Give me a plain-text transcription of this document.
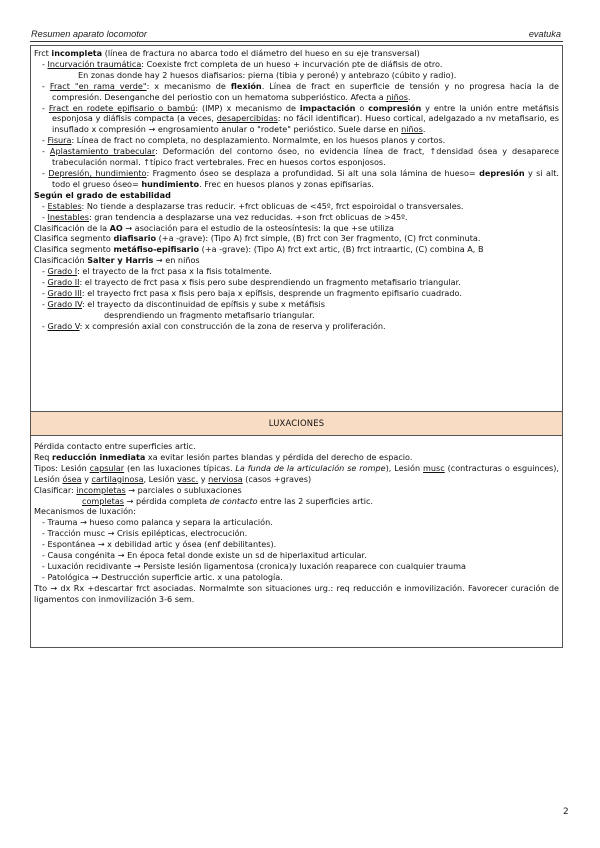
Resumen aparato locomotor	evatuka

Frct incompleta (línea de fractura no abarca todo el diámetro del hueso en su eje transversal)

- Incurvación traumática: Coexiste frct completa de un hueso + incurvación pte de diáfisis de otro.

En zonas donde hay 2 huesos diafisarios: pierna (tibia y peroné) y antebrazo (cúbito y radio).

- Fract "en rama verde": x mecanismo de flexión. Línea de fract en superficie de tensión y no progresa hacia la de compresión. Desenganche del periostio con un hematoma subperióstico. Afecta a niños.

- Fract en rodete epifisario o bambú: (IMP) x mecanismo de impactación o compresión y entre la unión entre metáfisis esponjosa y diáfisis compacta (a veces, desapercibidas: no fácil identificar). Hueso cortical, adelgazado a nv metafisario, es insuflado x compresión → engrosamiento anular o "rodete" perióstico. Suele darse en niños.

- Fisura: Línea de fract no completa, no desplazamiento. Normalmte, en los huesos planos y cortos.

- Aplastamiento trabecular: Deformación del contorno óseo, no evidencia línea de fract, ↑densidad ósea y desaparece trabeculación normal. ↑típico fract vertebrales. Frec en huesos cortos esponjosos.

- Depresión, hundimiento: Fragmento óseo se desplaza a profundidad. Si alt una sola lámina de hueso= depresión y si alt. todo el grueso óseo= hundimiento. Frec en huesos planos y zonas epifisarias.

Según el grado de estabilidad

- Estables: No tiende a desplazarse tras reducir. +frct oblicuas de <45º, frct espoiroidal o transversales.

- Inestables: gran tendencia a desplazarse una vez reducidas. +son frct oblicuas de >45º.

Clasificación de la AO → asociación para el estudio de la osteosíntesis: la que +se utiliza

Clasifica segmento diafisario (+a -grave): (Tipo A) frct simple, (B) frct con 3er fragmento, (C) frct conminuta.

Clasifica segmento metáfiso-epifisario (+a -grave): (Tipo A) frct ext artic, (B) frct intraartic, (C) combina A, B

Clasificación Salter y Harris → en niños

- Grado I: el trayecto de la frct pasa x la fisis totalmente.

- Grado II: el trayecto de frct pasa x fisis pero sube desprendiendo un fragmento metafisario triangular.

- Grado III: el trayecto frct pasa x fisis pero baja x epífisis, desprende un fragmento epifisario cuadrado.

- Grado IV: el trayecto da discontinuidad de epífisis y sube x metáfisis

desprendiendo un fragmento metafisario triangular.

- Grado V: x compresión axial con construcción de la zona de reserva y proliferación.

LUXACIONES

Pérdida contacto entre superficies artic.

Req reducción inmediata xa evitar lesión partes blandas y pérdida del derecho de espacio.

Tipos: Lesión capsular (en las luxaciones típicas. La funda de la articulación se rompe), Lesión musc (contracturas o esguinces), Lesión ósea y cartilaginosa, Lesión vasc. y nerviosa (casos +graves)

Clasificar: incompletas → parciales o subluxaciones

completas → pérdida completa de contacto entre las 2 superficies artic.

Mecanismos de luxación:

- Trauma → hueso como palanca y separa la articulación.

- Tracción musc → Crisis epilépticas, electrocución.

- Espontánea → x debilidad artic y ósea (enf debilitantes).

- Causa congénita → En época fetal donde existe un sd de hiperlaxitud articular.

- Luxación recidivante → Persiste lesión ligamentosa (cronica)y luxación reaparece con cualquier trauma

- Patológica → Destrucción superficie artic. x una patología.

Tto → dx Rx +descartar frct asociadas. Normalmte son situaciones urg.: req reducción e inmovilización. Favorecer curación de ligamentos con inmovilización 3-6 sem.

2
